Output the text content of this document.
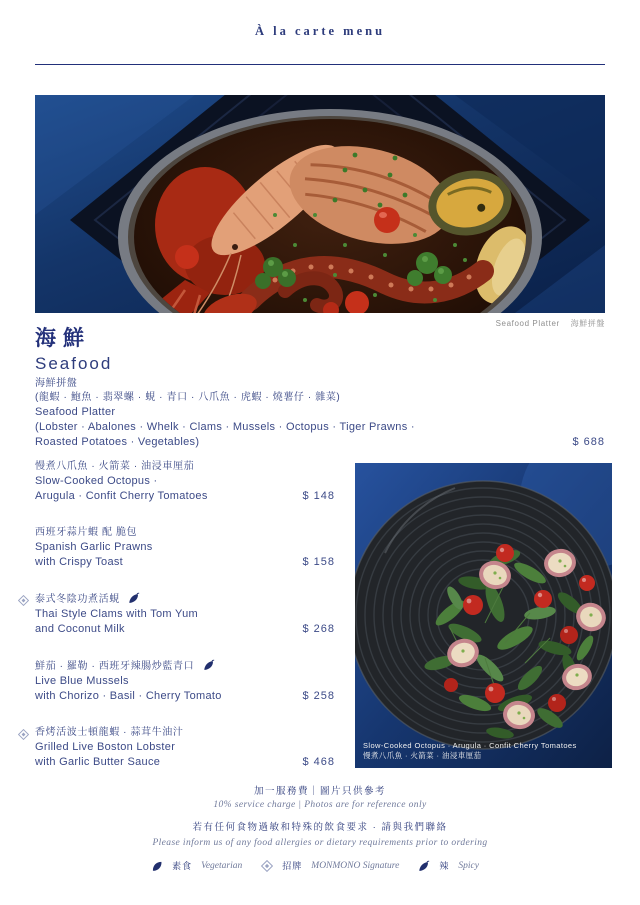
À la carte menu
Seafood Platter 海鮮拼盤
海鮮
Seafood
海鮮拼盤
(龍蝦 · 鮑魚 · 翡翠螺 · 蜆 · 青口 · 八爪魚 · 虎蝦 · 燒薯仔 · 雜菜)
Seafood Platter
(Lobster · Abalones · Whelk · Clams · Mussels · Octopus · Tiger Prawns ·
Roasted Potatoes · Vegetables)	$ 688
慢煮八爪魚 · 火箭菜 · 油浸車厘茄
Slow-Cooked Octopus ·
Arugula · Confit Cherry Tomatoes	$ 148
西班牙蒜片蝦 配 脆包
Spanish Garlic Prawns
with Crispy Toast	$ 158
泰式冬陰功煮活蜆
Thai Style Clams with Tom Yum
and Coconut Milk	$ 268
鮮茄 · 羅勒 · 西班牙辣腸炒藍青口
Live Blue Mussels
with Chorizo · Basil · Cherry Tomato	$ 258
香烤活波士頓龍蝦 · 蒜茸牛油汁
Grilled Live Boston Lobster
with Garlic Butter Sauce	$ 468
Slow-Cooked Octopus · Arugula · Confit Cherry Tomatoes
慢煮八爪魚 · 火箭菜 · 油浸車厘茄
加一服務費｜圖片只供參考
10% service charge | Photos are for reference only
若有任何食物過敏和特殊的飲食要求 · 請與我們聯絡
Please inform us of any food allergies or dietary requirements prior to ordering
素食 Vegetarian	招牌 MONMONO Signature	辣 Spicy
